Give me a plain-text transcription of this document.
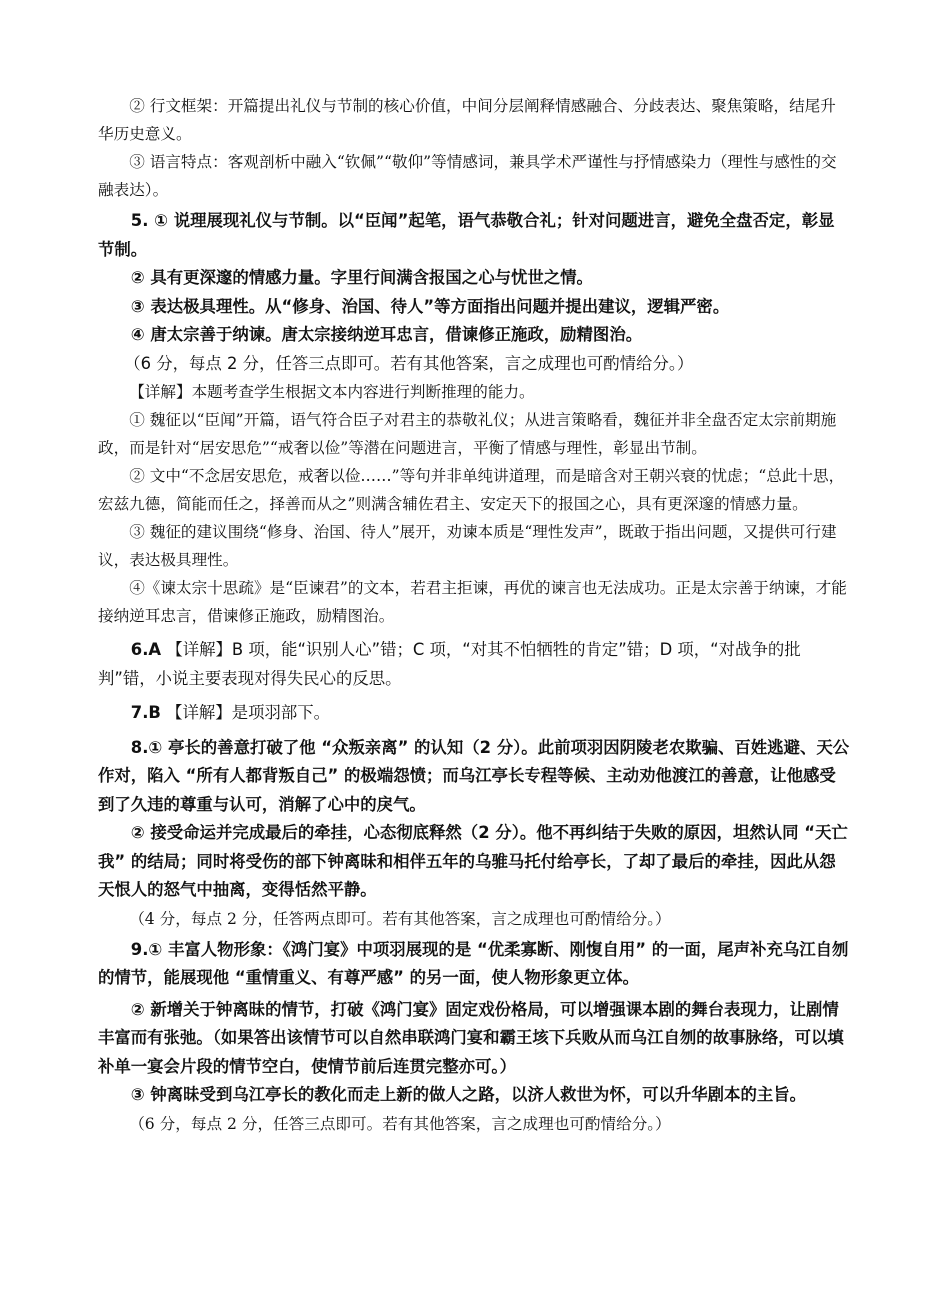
② 行文框架：开篇提出礼仪与节制的核心价值，中间分层阐释情感融合、分歧表达、聚焦策略，结尾升华历史意义。

③ 语言特点：客观剖析中融入“钦佩”“敬仰”等情感词，兼具学术严谨性与抒情感染力（理性与感性的交融表达）。

5. ① 说理展现礼仪与节制。以“臣闻”起笔，语气恭敬合礼；针对问题进言，避免全盘否定，彰显节制。

② 具有更深邃的情感力量。字里行间满含报国之心与忧世之情。

③ 表达极具理性。从“修身、治国、待人”等方面指出问题并提出建议，逻辑严密。

④ 唐太宗善于纳谏。唐太宗接纳逆耳忠言，借谏修正施政，励精图治。

（6 分，每点 2 分，任答三点即可。若有其他答案，言之成理也可酌情给分。）

【详解】本题考查学生根据文本内容进行判断推理的能力。

① 魏征以“臣闻”开篇，语气符合臣子对君主的恭敬礼仪；从进言策略看，魏征并非全盘否定太宗前期施政，而是针对“居安思危”“戒奢以俭”等潜在问题进言，平衡了情感与理性，彰显出节制。

② 文中“不念居安思危，戒奢以俭……”等句并非单纯讲道理，而是暗含对王朝兴衰的忧虑；“总此十思，宏兹九德，简能而任之，择善而从之”则满含辅佐君主、安定天下的报国之心，具有更深邃的情感力量。

③ 魏征的建议围绕“修身、治国、待人”展开，劝谏本质是“理性发声”，既敢于指出问题，又提供可行建议，表达极具理性。

④《谏太宗十思疏》是“臣谏君”的文本，若君主拒谏，再优的谏言也无法成功。正是太宗善于纳谏，才能接纳逆耳忠言，借谏修正施政，励精图治。

6.A 【详解】B 项，能“识别人心”错；C 项，“对其不怕牺牲的肯定”错；D 项，“对战争的批判”错，小说主要表现对得失民心的反思。

7.B 【详解】是项羽部下。

8.① 亭长的善意打破了他 “众叛亲离” 的认知（2 分）。此前项羽因阴陵老农欺骗、百姓逃避、天公作对，陷入 “所有人都背叛自己” 的极端怨愤；而乌江亭长专程等候、主动劝他渡江的善意，让他感受到了久违的尊重与认可，消解了心中的戾气。

② 接受命运并完成最后的牵挂，心态彻底释然（2 分）。他不再纠结于失败的原因，坦然认同 “天亡我” 的结局；同时将受伤的部下钟离昧和相伴五年的乌骓马托付给亭长，了却了最后的牵挂，因此从怨天恨人的怒气中抽离，变得恬然平静。

（4 分，每点 2 分，任答两点即可。若有其他答案，言之成理也可酌情给分。）

9.① 丰富人物形象：《鸿门宴》中项羽展现的是 “优柔寡断、刚愎自用” 的一面，尾声补充乌江自刎的情节，能展现他 “重情重义、有尊严感” 的另一面，使人物形象更立体。

② 新增关于钟离昧的情节，打破《鸿门宴》固定戏份格局，可以增强课本剧的舞台表现力，让剧情丰富而有张弛。（如果答出该情节可以自然串联鸿门宴和霸王垓下兵败从而乌江自刎的故事脉络，可以填补单一宴会片段的情节空白，使情节前后连贯完整亦可。）

③ 钟离昧受到乌江亭长的教化而走上新的做人之路，以济人救世为怀，可以升华剧本的主旨。

（6 分，每点 2 分，任答三点即可。若有其他答案，言之成理也可酌情给分。）
